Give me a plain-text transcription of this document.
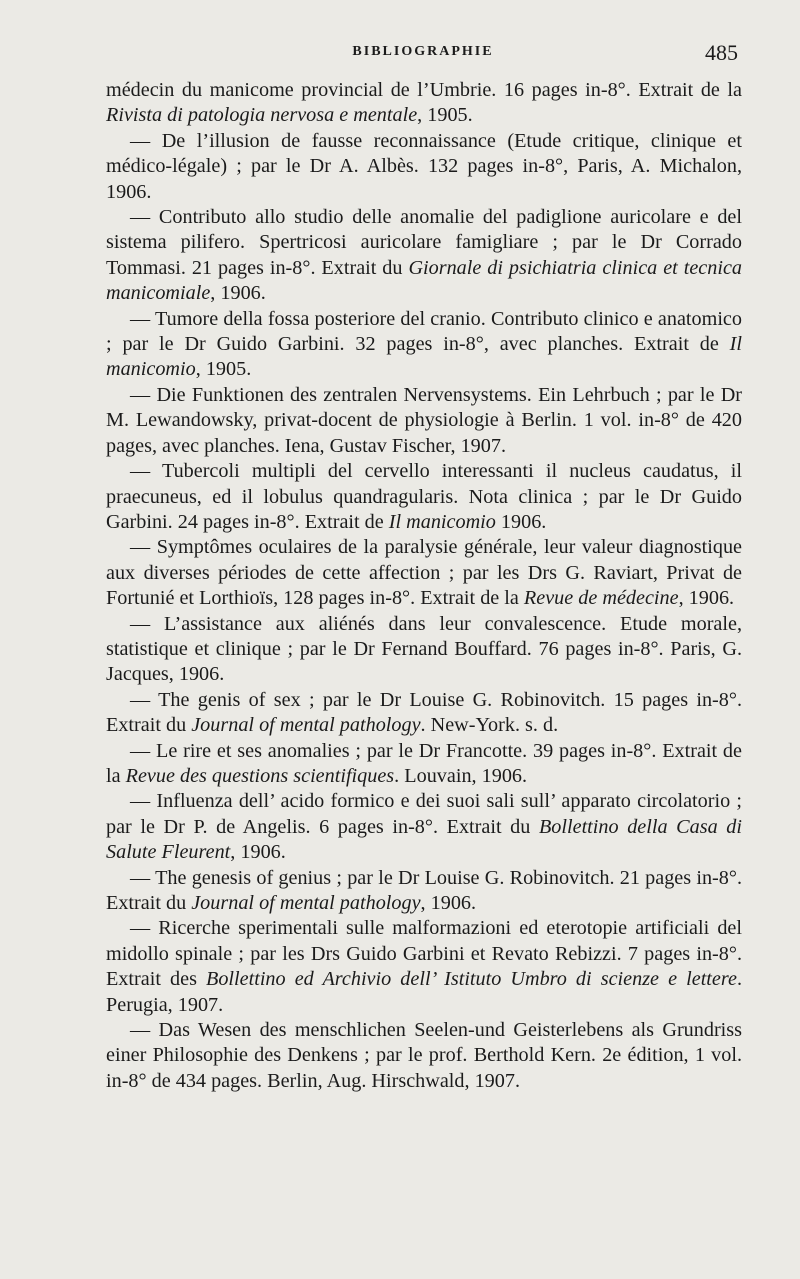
BIBLIOGRAPHIE	485

médecin du manicome provincial de l’Umbrie. 16 pages in-8°. Extrait de la Rivista di patologia nervosa e mentale, 1905.

— De l’illusion de fausse reconnaissance (Etude critique, clinique et médico-légale) ; par le Dr A. Albès. 132 pages in-8°, Paris, A. Michalon, 1906.

— Contributo allo studio delle anomalie del padiglione auricolare e del sistema pilifero. Spertricosi auricolare famigliare ; par le Dr Corrado Tommasi. 21 pages in-8°. Extrait du Giornale di psichiatria clinica et tecnica manicomiale, 1906.

— Tumore della fossa posteriore del cranio. Contributo clinico e anatomico ; par le Dr Guido Garbini. 32 pages in-8°, avec planches. Extrait de Il manicomio, 1905.

— Die Funktionen des zentralen Nervensystems. Ein Lehrbuch ; par le Dr M. Lewandowsky, privat-docent de physiologie à Berlin. 1 vol. in-8° de 420 pages, avec planches. Iena, Gustav Fischer, 1907.

— Tubercoli multipli del cervello interessanti il nucleus caudatus, il praecuneus, ed il lobulus quandragularis. Nota clinica ; par le Dr Guido Garbini. 24 pages in-8°. Extrait de Il manicomio 1906.

— Symptômes oculaires de la paralysie générale, leur valeur diagnostique aux diverses périodes de cette affection ; par les Drs G. Raviart, Privat de Fortunié et Lorthioïs, 128 pages in-8°. Extrait de la Revue de médecine, 1906.

— L’assistance aux aliénés dans leur convalescence. Etude morale, statistique et clinique ; par le Dr Fernand Bouffard. 76 pages in-8°. Paris, G. Jacques, 1906.

— The genis of sex ; par le Dr Louise G. Robinovitch. 15 pages in-8°. Extrait du Journal of mental pathology. New-York. s. d.

— Le rire et ses anomalies ; par le Dr Francotte. 39 pages in-8°. Extrait de la Revue des questions scientifiques. Louvain, 1906.

— Influenza dell’ acido formico e dei suoi sali sull’ apparato circolatorio ; par le Dr P. de Angelis. 6 pages in-8°. Extrait du Bollettino della Casa di Salute Fleurent, 1906.

— The genesis of genius ; par le Dr Louise G. Robinovitch. 21 pages in-8°. Extrait du Journal of mental pathology, 1906.

— Ricerche sperimentali sulle malformazioni ed eterotopie artificiali del midollo spinale ; par les Drs Guido Garbini et Revato Rebizzi. 7 pages in-8°. Extrait des Bollettino ed Archivio dell’ Istituto Umbro di scienze e lettere. Perugia, 1907.

— Das Wesen des menschlichen Seelen-und Geisterlebens als Grundriss einer Philosophie des Denkens ; par le prof. Berthold Kern. 2e édition, 1 vol. in-8° de 434 pages. Berlin, Aug. Hirschwald, 1907.
